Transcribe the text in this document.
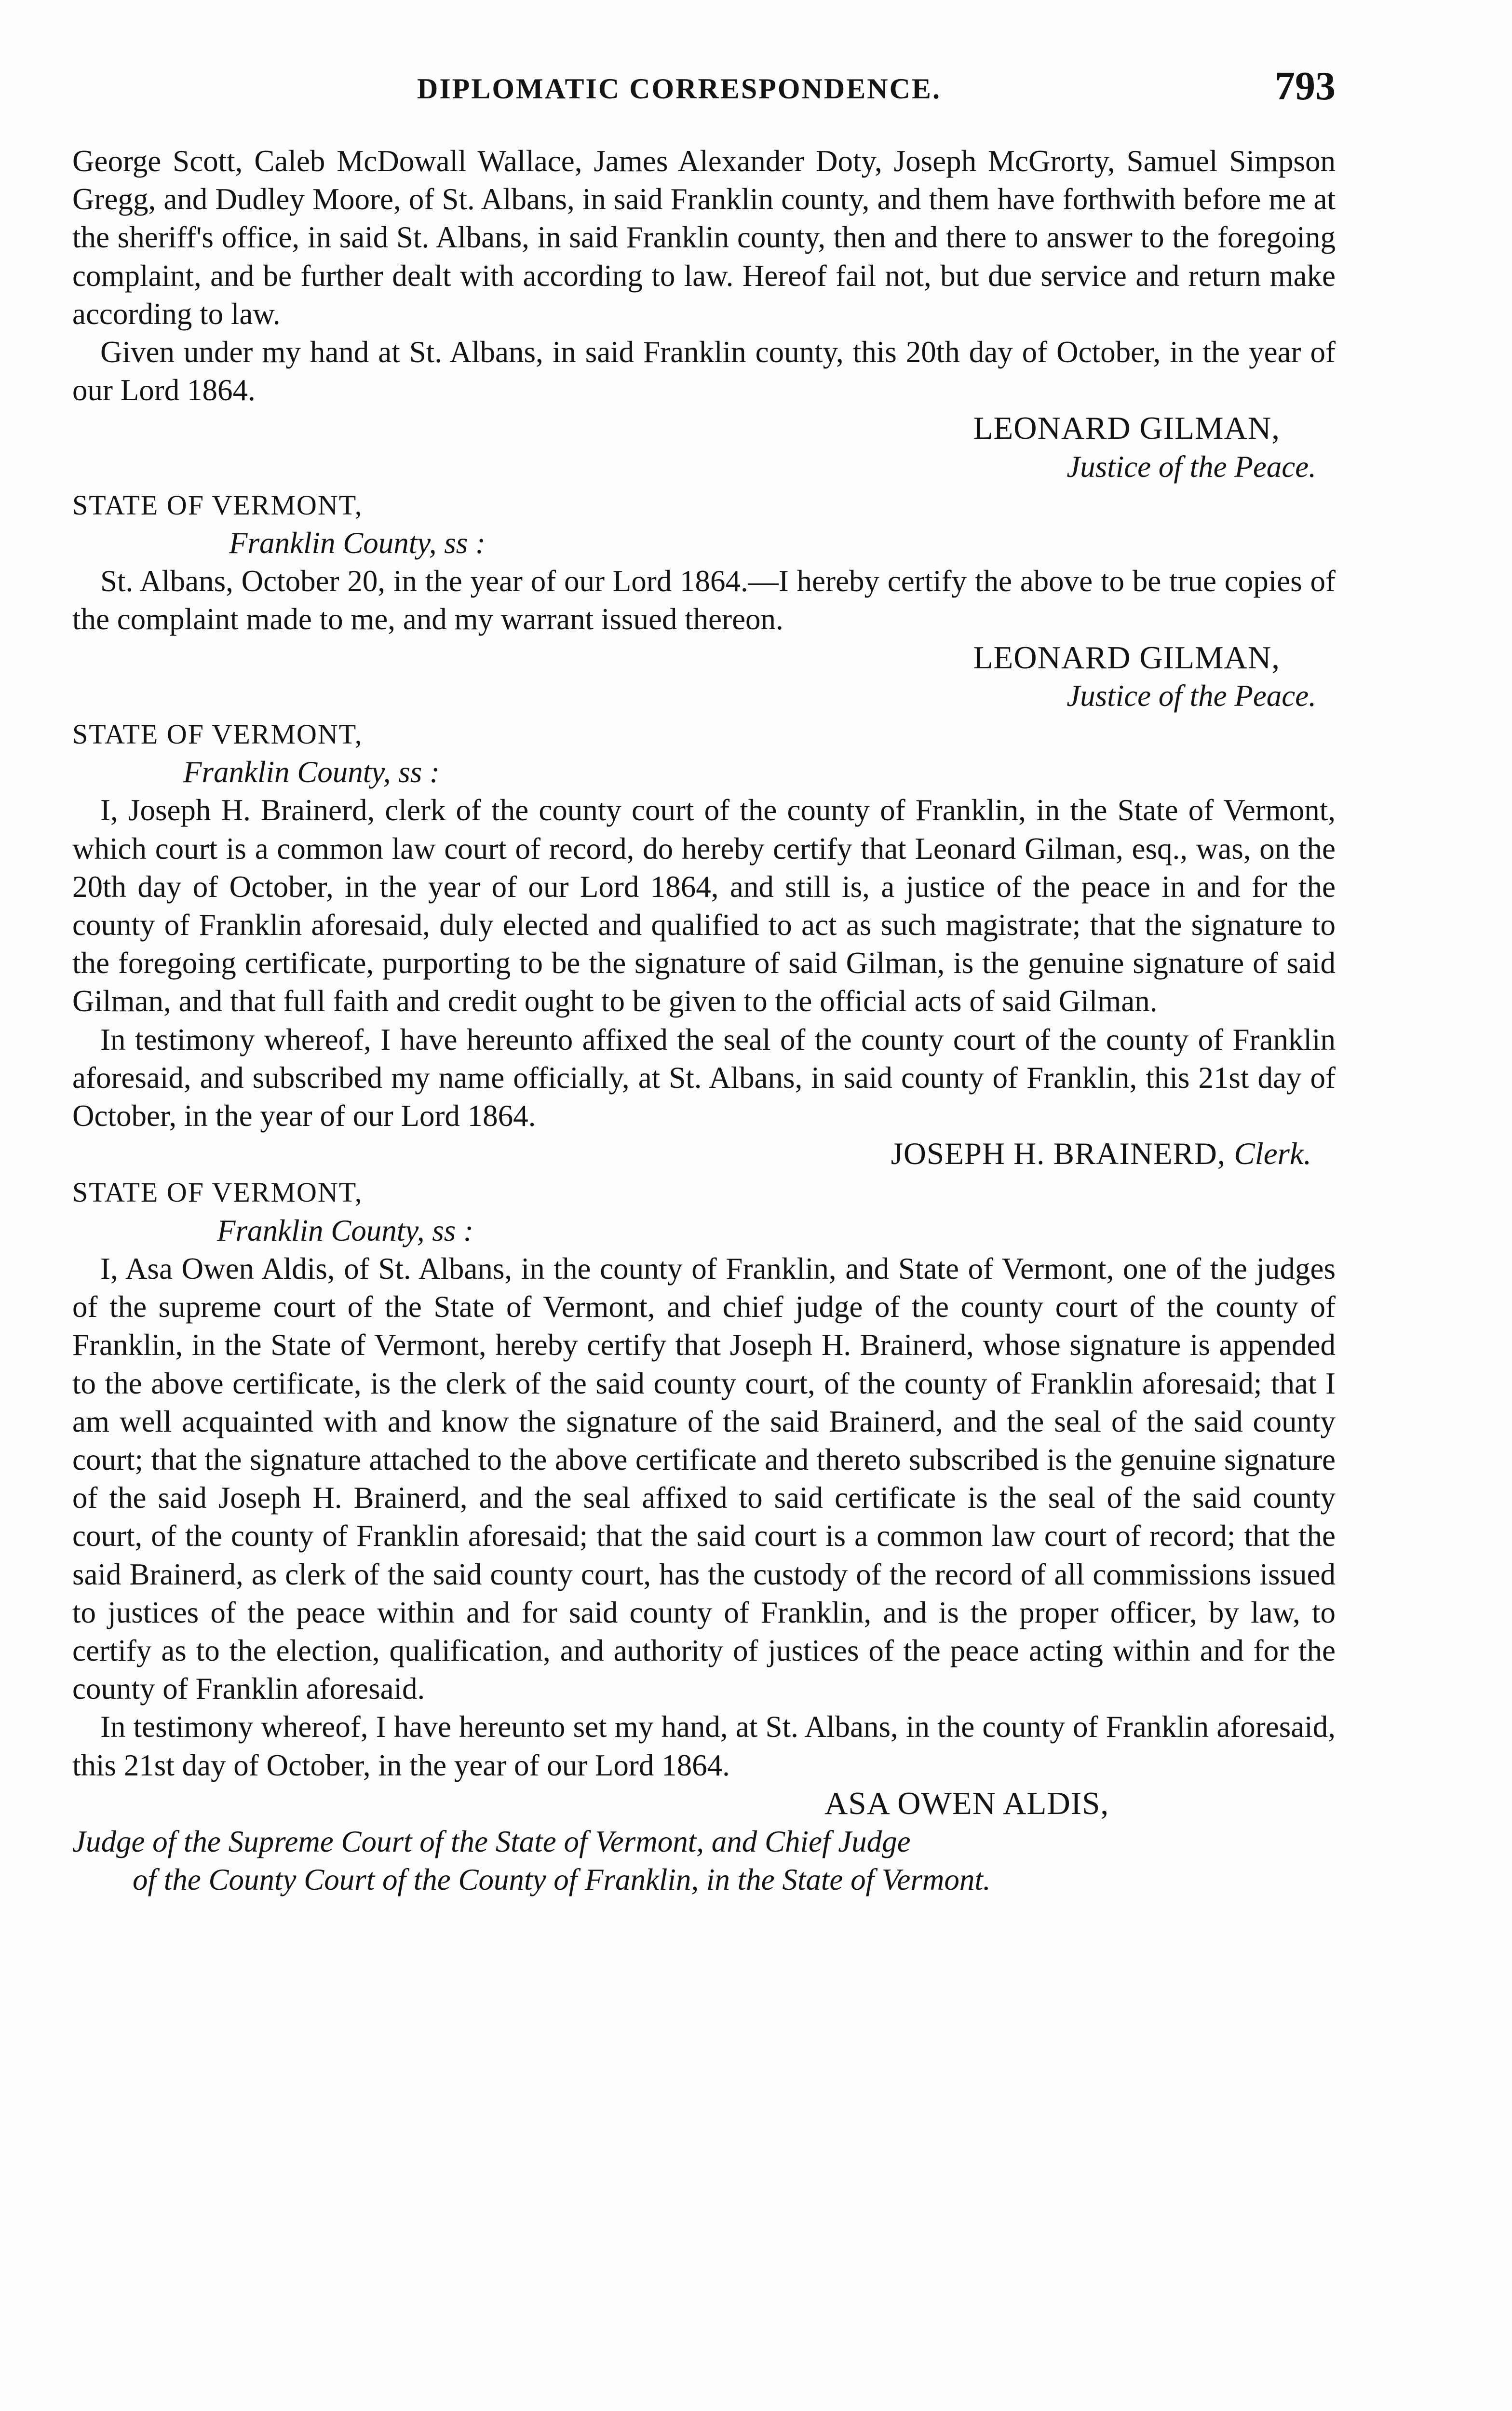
DIPLOMATIC CORRESPONDENCE.	793

George Scott, Caleb McDowall Wallace, James Alexander Doty, Joseph McGrorty, Samuel Simpson Gregg, and Dudley Moore, of St. Albans, in said Franklin county, and them have forthwith before me at the sheriff's office, in said St. Albans, in said Franklin county, then and there to answer to the foregoing complaint, and be further dealt with according to law. Hereof fail not, but due service and return make according to law.

Given under my hand at St. Albans, in said Franklin county, this 20th day of October, in the year of our Lord 1864.

LEONARD GILMAN,

Justice of the Peace.

STATE OF VERMONT,

Franklin County, ss :

St. Albans, October 20, in the year of our Lord 1864.—I hereby certify the above to be true copies of the complaint made to me, and my warrant issued thereon.

LEONARD GILMAN,

Justice of the Peace.

STATE OF VERMONT,

Franklin County, ss :

I, Joseph H. Brainerd, clerk of the county court of the county of Franklin, in the State of Vermont, which court is a common law court of record, do hereby certify that Leonard Gilman, esq., was, on the 20th day of October, in the year of our Lord 1864, and still is, a justice of the peace in and for the county of Franklin aforesaid, duly elected and qualified to act as such magistrate; that the signature to the foregoing certificate, purporting to be the signature of said Gilman, is the genuine signature of said Gilman, and that full faith and credit ought to be given to the official acts of said Gilman.

In testimony whereof, I have hereunto affixed the seal of the county court of the county of Franklin aforesaid, and subscribed my name officially, at St. Albans, in said county of Franklin, this 21st day of October, in the year of our Lord 1864.

JOSEPH H. BRAINERD, Clerk.

STATE OF VERMONT,

Franklin County, ss :

I, Asa Owen Aldis, of St. Albans, in the county of Franklin, and State of Vermont, one of the judges of the supreme court of the State of Vermont, and chief judge of the county court of the county of Franklin, in the State of Vermont, hereby certify that Joseph H. Brainerd, whose signature is appended to the above certificate, is the clerk of the said county court, of the county of Franklin aforesaid; that I am well acquainted with and know the signature of the said Brainerd, and the seal of the said county court; that the signature attached to the above certificate and thereto subscribed is the genuine signature of the said Joseph H. Brainerd, and the seal affixed to said certificate is the seal of the said county court, of the county of Franklin aforesaid; that the said court is a common law court of record; that the said Brainerd, as clerk of the said county court, has the custody of the record of all commissions issued to justices of the peace within and for said county of Franklin, and is the proper officer, by law, to certify as to the election, qualification, and authority of justices of the peace acting within and for the county of Franklin aforesaid.

In testimony whereof, I have hereunto set my hand, at St. Albans, in the county of Franklin aforesaid, this 21st day of October, in the year of our Lord 1864.

ASA OWEN ALDIS,

Judge of the Supreme Court of the State of Vermont, and Chief Judge

of the County Court of the County of Franklin, in the State of Vermont.
